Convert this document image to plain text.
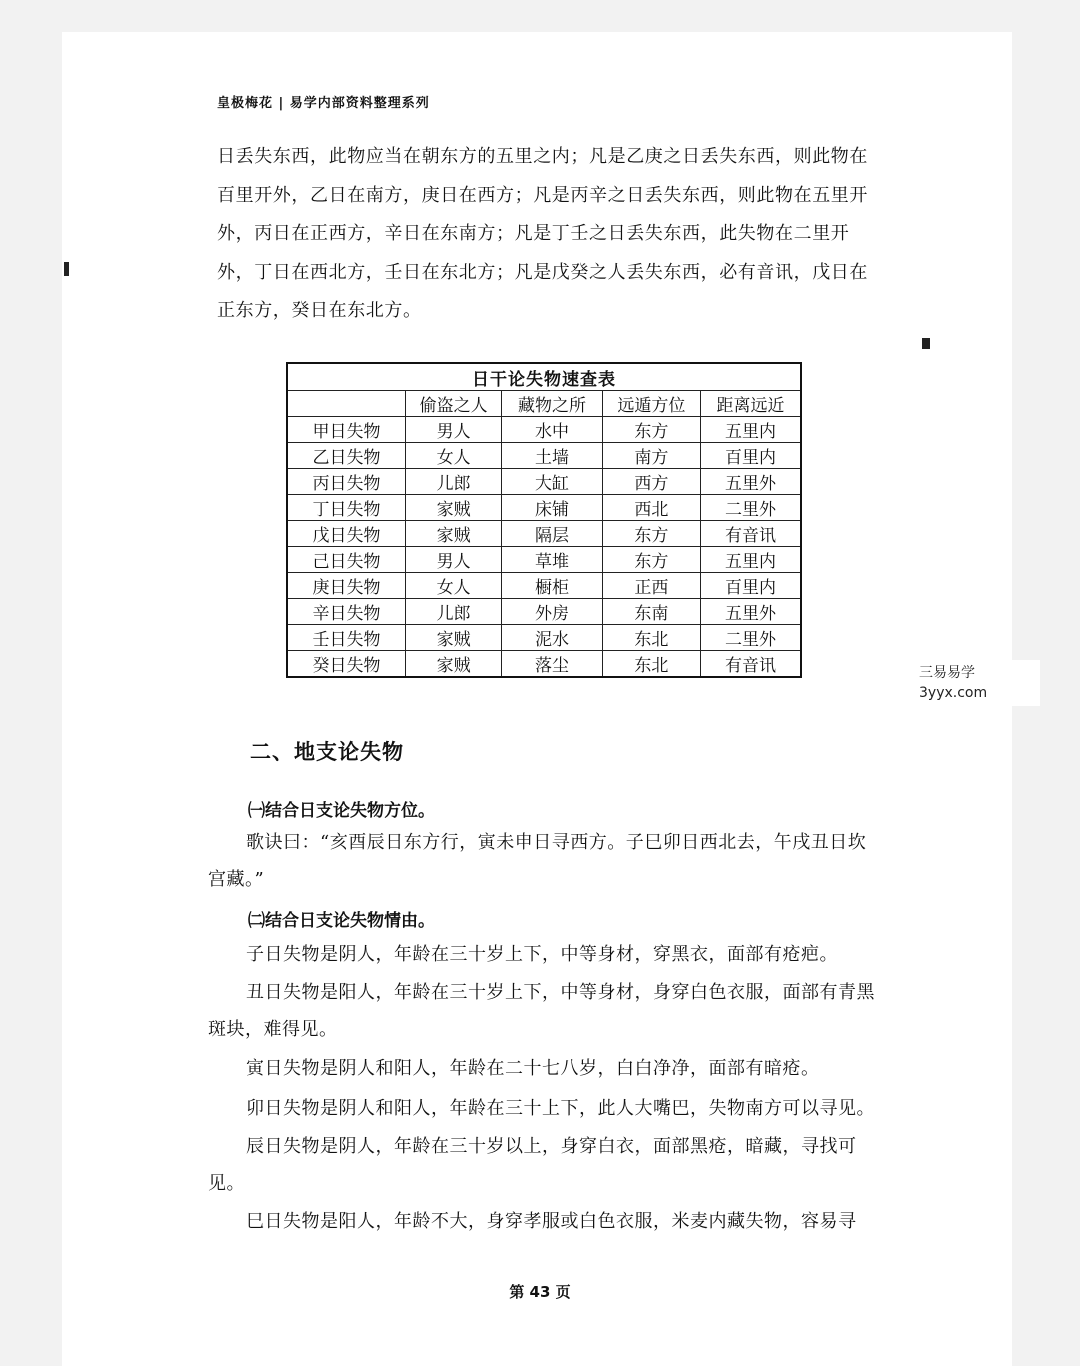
皇极梅花 | 易学内部资料整理系列

日丢失东西，此物应当在朝东方的五里之内；凡是乙庚之日丢失东西，则此物在百里开外，乙日在南方，庚日在西方；凡是丙辛之日丢失东西，则此物在五里开外，丙日在正西方，辛日在东南方；凡是丁壬之日丢失东西，此失物在二里开外，丁日在西北方，壬日在东北方；凡是戊癸之人丢失东西，必有音讯，戊日在正东方，癸日在东北方。

日干论失物速查表				
	偷盗之人	藏物之所	远遁方位	距离远近
甲日失物	男人	水中	东方	五里内
乙日失物	女人	土墙	南方	百里内
丙日失物	儿郎	大缸	西方	五里外
丁日失物	家贼	床铺	西北	二里外
戊日失物	家贼	隔层	东方	有音讯
己日失物	男人	草堆	东方	五里内
庚日失物	女人	橱柜	正西	百里内
辛日失物	儿郎	外房	东南	五里外
壬日失物	家贼	泥水	东北	二里外
癸日失物	家贼	落尘	东北	有音讯
二、地支论失物
㈠结合日支论失物方位。

歌诀曰：“亥酉辰日东方行，寅未申日寻西方。子巳卯日西北去，午戌丑日坎宫藏。”

㈡结合日支论失物情由。

子日失物是阴人，年龄在三十岁上下，中等身材，穿黑衣，面部有疮疤。

丑日失物是阳人，年龄在三十岁上下，中等身材，身穿白色衣服，面部有青黑斑块，难得见。

寅日失物是阴人和阳人，年龄在二十七八岁，白白净净，面部有暗疮。

卯日失物是阴人和阳人，年龄在三十上下，此人大嘴巴，失物南方可以寻见。

辰日失物是阴人，年龄在三十岁以上，身穿白衣，面部黑疮，暗藏，寻找可见。

巳日失物是阳人，年龄不大，身穿孝服或白色衣服，米麦内藏失物，容易寻

第 43 页
三易易学
3yyx.com
